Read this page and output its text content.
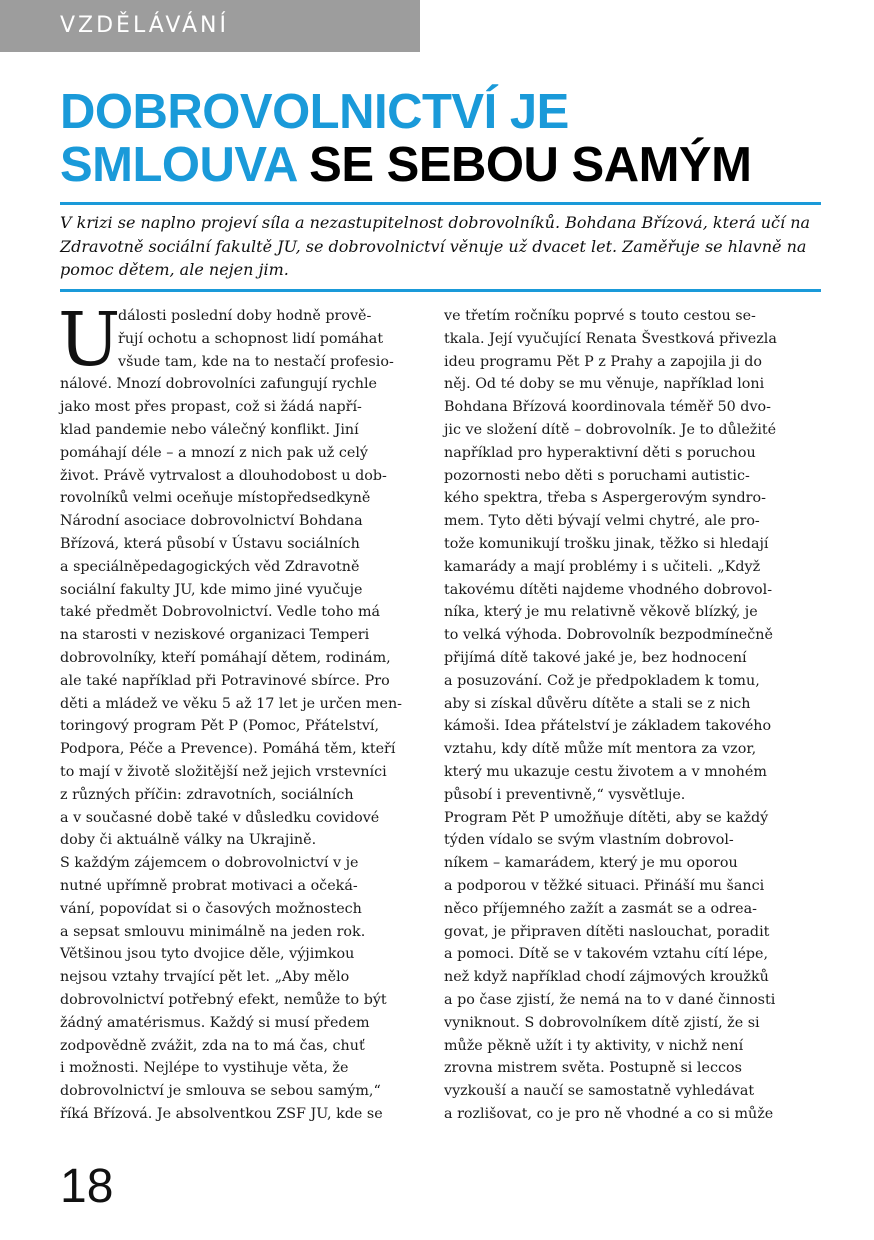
VZDĚLÁVÁNÍ
DOBROVOLNICTVÍ JE
SMLOUVA SE SEBOU SAMÝM

V krizi se naplno projeví síla a nezastupitelnost dobrovolníků. Bohdana Břízová, která učí na Zdravotně sociální fakultě JU, se dobrovolnictví věnuje už dvacet let. Zaměřuje se hlavně na pomoc dětem, ale nejen jim.

U
dálosti poslední doby hodně prově-
řují ochotu a schopnost lidí pomáhat
všude tam, kde na to nestačí profesio-
nálové. Mnozí dobrovolníci zafungují rychle
jako most přes propast, což si žádá napří-
klad pandemie nebo válečný konflikt. Jiní
pomáhají déle – a mnozí z nich pak už celý
život. Právě vytrvalost a dlouhodobost u dob-
rovolníků velmi oceňuje místopředsedkyně
Národní asociace dobrovolnictví Bohdana
Břízová, která působí v Ústavu sociálních
a speciálněpedagogických věd Zdravotně
sociální fakulty JU, kde mimo jiné vyučuje
také předmět Dobrovolnictví. Vedle toho má
na starosti v neziskové organizaci Temperi
dobrovolníky, kteří pomáhají dětem, rodinám,
ale také například při Potravinové sbírce. Pro
děti a mládež ve věku 5 až 17 let je určen men-
toringový program Pět P (Pomoc, Přátelství,
Podpora, Péče a Prevence). Pomáhá těm, kteří
to mají v životě složitější než jejich vrstevníci
z různých příčin: zdravotních, sociálních
a v současné době také v důsledku covidové
doby či aktuálně války na Ukrajině.
S každým zájemcem o dobrovolnictví v je
nutné upřímně probrat motivaci a očeká-
vání, popovídat si o časových možnostech
a sepsat smlouvu minimálně na jeden rok.
Většinou jsou tyto dvojice děle, výjimkou
nejsou vztahy trvající pět let. „Aby mělo
dobrovolnictví potřebný efekt, nemůže to být
žádný amatérismus. Každý si musí předem
zodpovědně zvážit, zda na to má čas, chuť
i možnosti. Nejlépe to vystihuje věta, že
dobrovolnictví je smlouva se sebou samým,“
říká Břízová. Je absolventkou ZSF JU, kde se
ve třetím ročníku poprvé s touto cestou se-
tkala. Její vyučující Renata Švestková přivezla
ideu programu Pět P z Prahy a zapojila ji do
něj. Od té doby se mu věnuje, například loni
Bohdana Břízová koordinovala téměř 50 dvo-
jic ve složení dítě – dobrovolník. Je to důležité
například pro hyperaktivní děti s poruchou
pozornosti nebo děti s poruchami autistic-
kého spektra, třeba s Aspergerovým syndro-
mem. Tyto děti bývají velmi chytré, ale pro-
tože komunikují trošku jinak, těžko si hledají
kamarády a mají problémy i s učiteli. „Když
takovému dítěti najdeme vhodného dobrovol-
níka, který je mu relativně věkově blízký, je
to velká výhoda. Dobrovolník bezpodmínečně
přijímá dítě takové jaké je, bez hodnocení
a posuzování. Což je předpokladem k tomu,
aby si získal důvěru dítěte a stali se z nich
kámoši. Idea přátelství je základem takového
vztahu, kdy dítě může mít mentora za vzor,
který mu ukazuje cestu životem a v mnohém
působí i preventivně,“ vysvětluje.
Program Pět P umožňuje dítěti, aby se každý
týden vídalo se svým vlastním dobrovol-
níkem – kamarádem, který je mu oporou
a podporou v těžké situaci. Přináší mu šanci
něco příjemného zažít a zasmát se a odrea-
govat, je připraven dítěti naslouchat, poradit
a pomoci. Dítě se v takovém vztahu cítí lépe,
než když například chodí zájmových kroužků
a po čase zjistí, že nemá na to v dané činnosti
vyniknout. S dobrovolníkem dítě zjistí, že si
může pěkně užít i ty aktivity, v nichž není
zrovna mistrem světa. Postupně si leccos
vyzkouší a naučí se samostatně vyhledávat
a rozlišovat, co je pro ně vhodné a co si může
18
